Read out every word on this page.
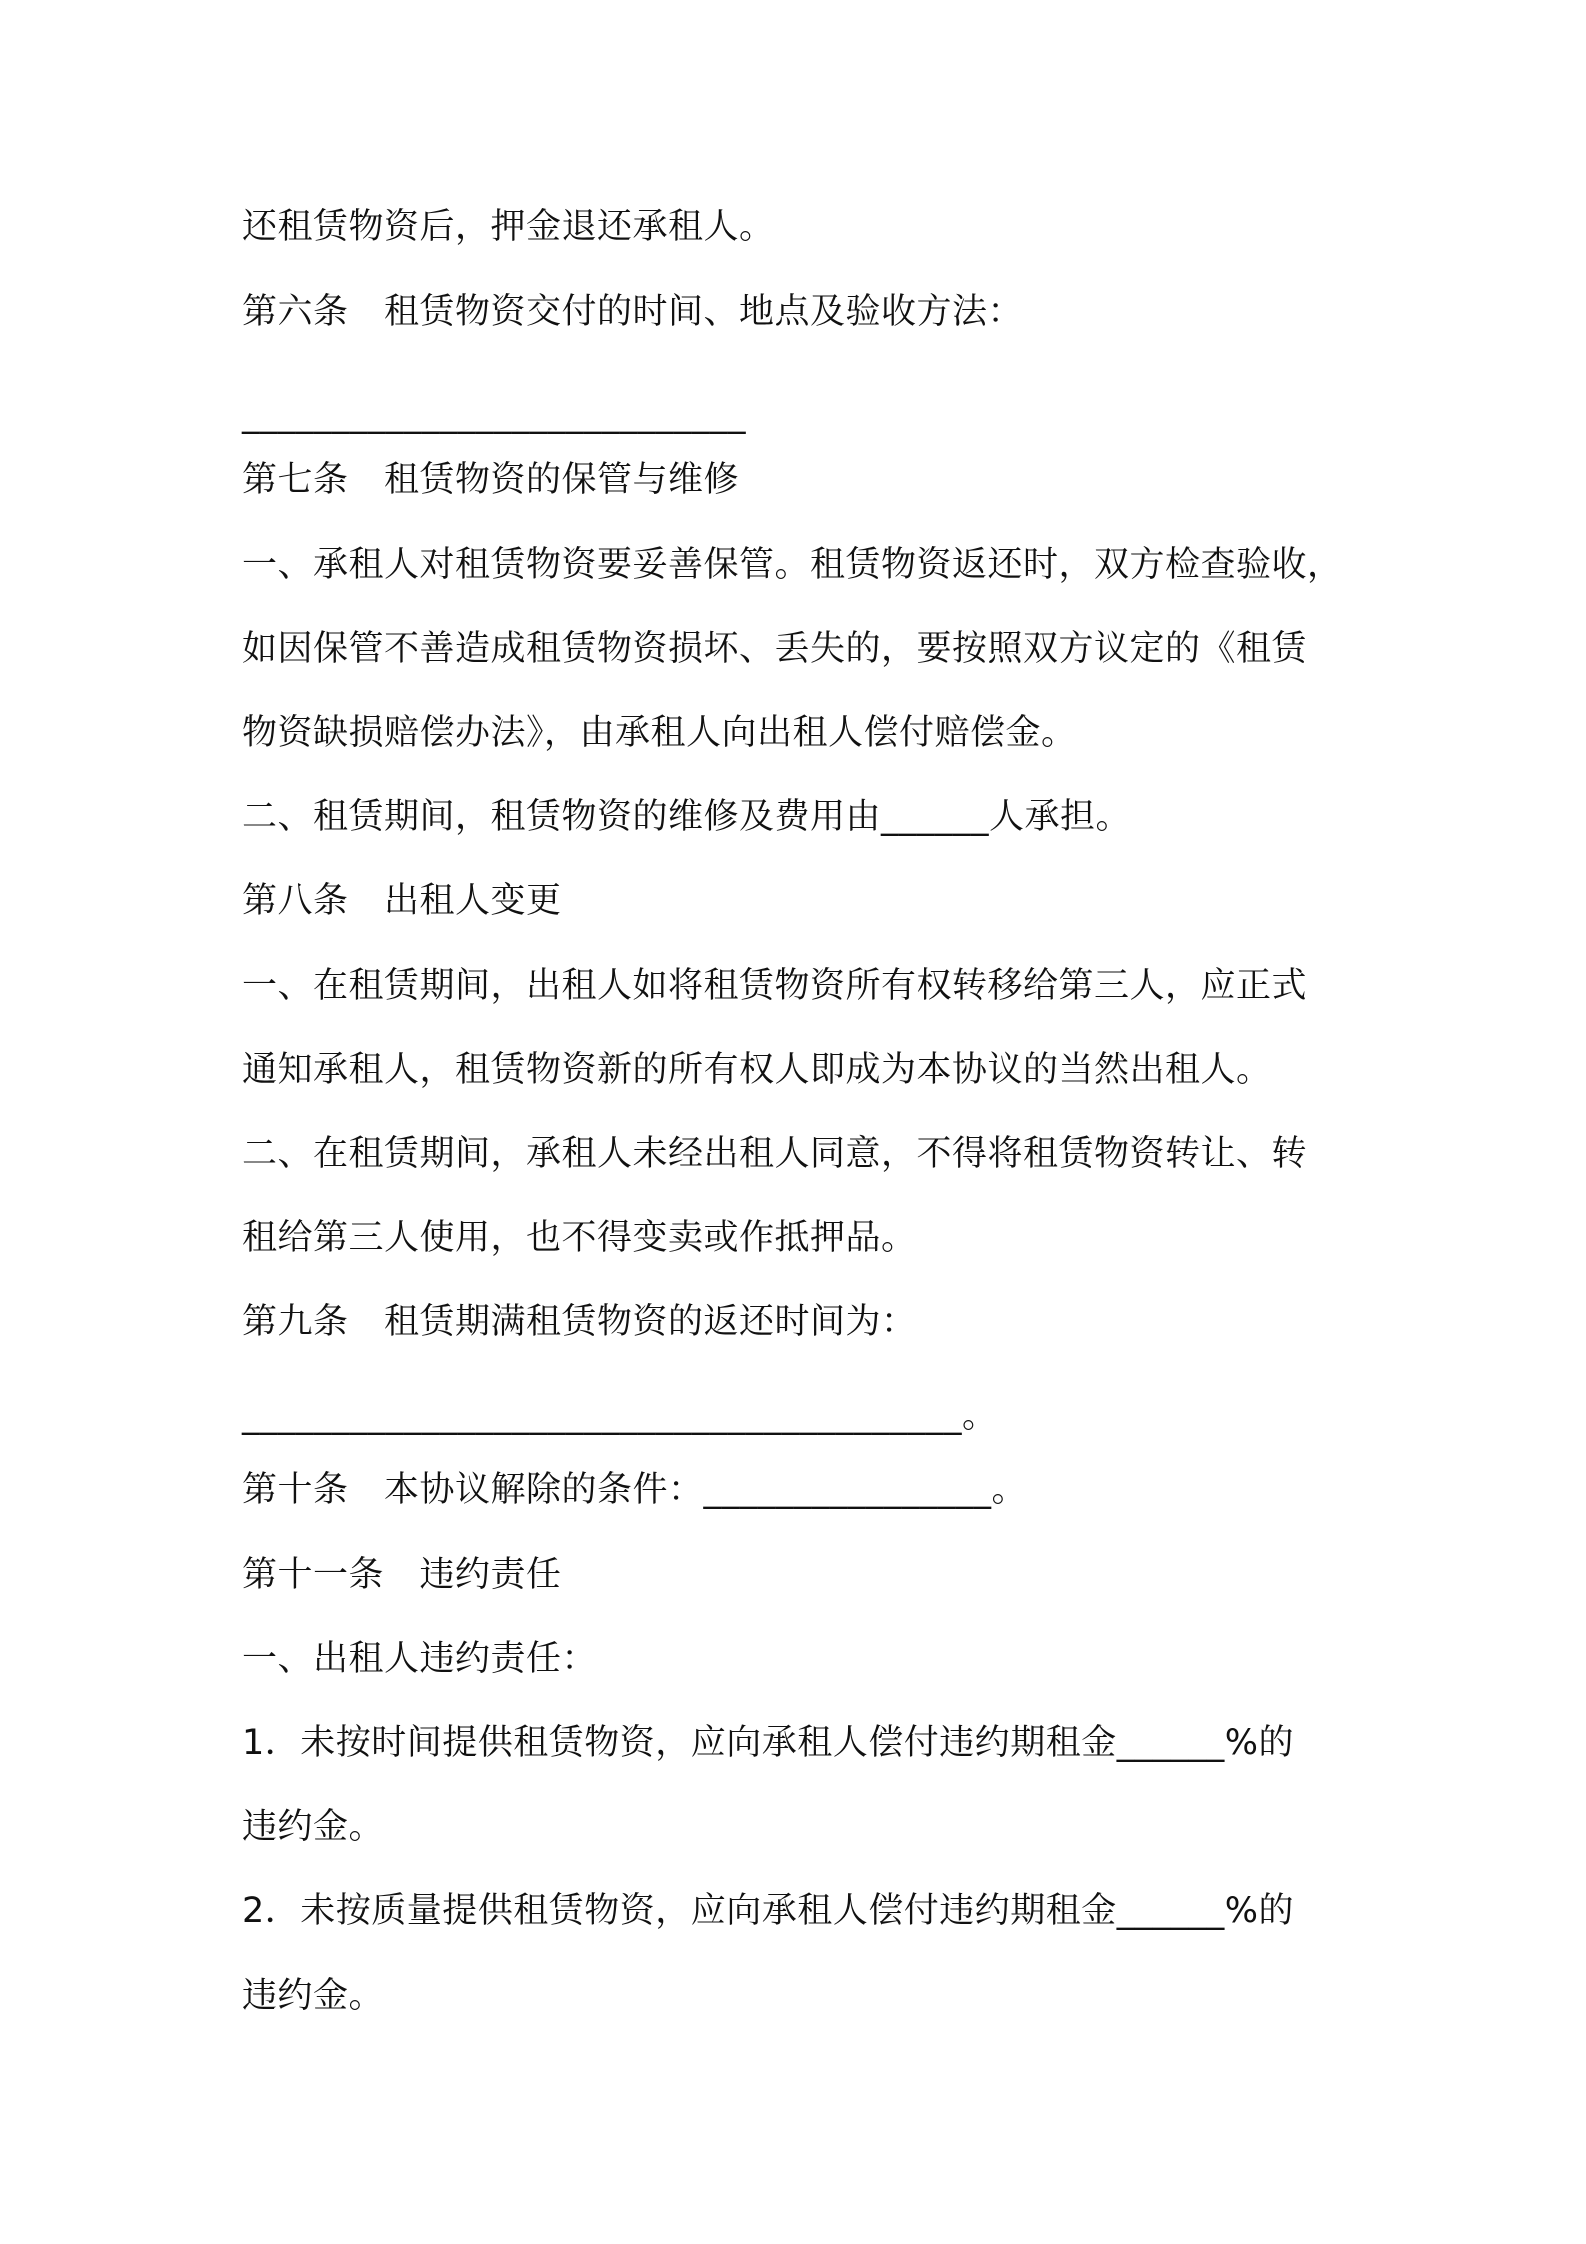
还租赁物资后，押金退还承租人。
第六条　租赁物资交付的时间、地点及验收方法：
____________________________
第七条　租赁物资的保管与维修
一、承租人对租赁物资要妥善保管。租赁物资返还时，双方检查验收，
如因保管不善造成租赁物资损坏、丢失的，要按照双方议定的《租赁
物资缺损赔偿办法》，由承租人向出租人偿付赔偿金。
二、租赁期间，租赁物资的维修及费用由______人承担。
第八条　出租人变更
一、在租赁期间，出租人如将租赁物资所有权转移给第三人，应正式
通知承租人，租赁物资新的所有权人即成为本协议的当然出租人。
二、在租赁期间，承租人未经出租人同意，不得将租赁物资转让、转
租给第三人使用，也不得变卖或作抵押品。
第九条　租赁期满租赁物资的返还时间为：
________________________________________。
第十条　本协议解除的条件：________________。
第十一条　违约责任
一、出租人违约责任：
1．未按时间提供租赁物资，应向承租人偿付违约期租金______%的
违约金。
2．未按质量提供租赁物资，应向承租人偿付违约期租金______%的
违约金。
